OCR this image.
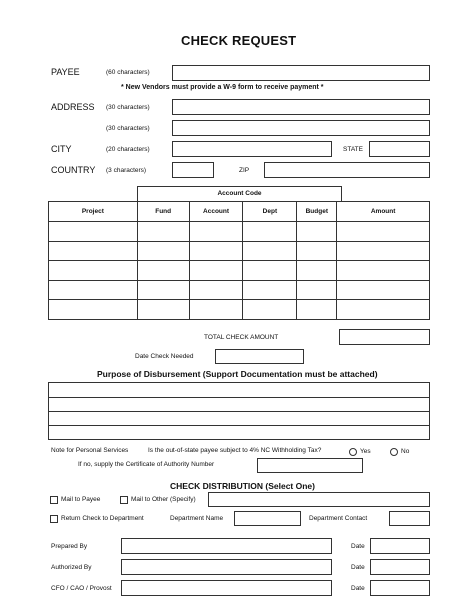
CHECK REQUEST
PAYEE	(60 characters)
* New Vendors must provide a W-9 form to receive payment *
ADDRESS (30 characters)
(30 characters)
CITY	(20 characters)	STATE
COUNTRY (3 characters)	ZIP
Account Code
Project	Fund	Account	Dept	Budget	Amount

TOTAL CHECK AMOUNT
Date Check Needed
Purpose of Disbursement (Support Documentation must be attached)
Note for Personal Services	Is the out-of-state payee subject to 4% NC Withholding Tax?	Yes	No
If no, supply the Certificate of Authority Number
CHECK DISTRIBUTION (Select One)
Mail to Payee	Mail to Other (Specify)
Return Check to Department	Department Name	Department Contact
Prepared By	Date
Authorized By	Date
CFO / CAO / Provost	Date
